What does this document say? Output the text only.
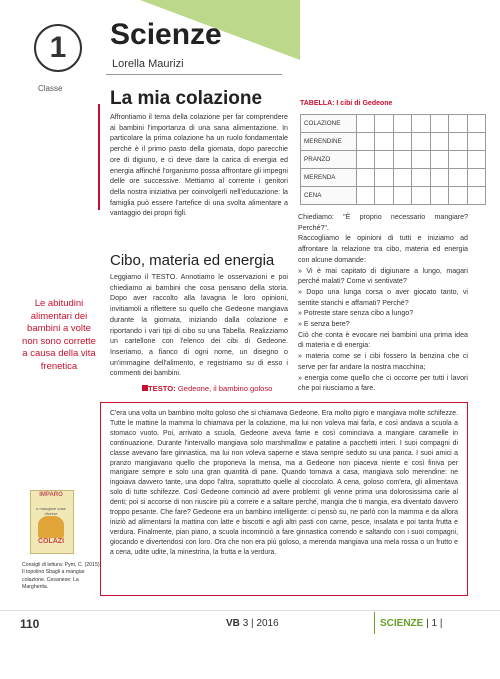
1
Classe
Scienze
Lorella Maurizi
La mia colazione
Affrontiamo il tema della colazione per far comprendere ai bambini l'importanza di una sana alimentazione. In particolare la prima colazione ha un ruolo fondamentale perché è il primo pasto della giornata, dopo parecchie ore di digiuno, e ci deve dare la carica di energia ed energia affinché l'organismo possa affrontare gli impegni delle ore successive. Mettiamo al corrente i genitori della nostra iniziativa per coinvolgerli nell'educazione: la famiglia può essere l'artefice di una svolta alimentare a vantaggio dei propri figli.
TABELLA: I cibi di Gedeone
COLAZIONE							
MERENDINE							
PRANZO							
MERENDA							
CENA							
Chiediamo: "È proprio necessario mangiare? Perché?".
Raccogliamo le opinioni di tutti e iniziamo ad affrontare la relazione tra cibo, materia ed energia con alcune domande:
» Vi è mai capitato di digiunare a lungo, magari perché malati? Come vi sentivate?
» Dopo una lunga corsa o aver giocato tanto, vi sentite stanchi e affamati? Perché?
» Potreste stare senza cibo a lungo?
» E senza bere?
Ciò che conta è evocare nei bambini una prima idea di materia e di energia:
» materia come se i cibi fossero la benzina che ci serve per far andare la nostra macchina;
» energia come quello che ci occorre per tutti i lavori che poi riusciamo a fare.
Cibo, materia ed energia
Leggiamo il TESTO. Annotiamo le osservazioni e poi chiediamo ai bambini che cosa pensano della storia. Dopo aver raccolto alla lavagna le loro opinioni, invitiamoli a riflettere su quello che Gedeone mangiava durante la giornata, iniziando dalla colazione e riportando i vari tipi di cibo su una Tabella. Realizziamo un cartellone con l'elenco dei cibi di Gedeone. Inseriamo, a fianco di ogni nome, un disegno o un'immagine dell'alimento, e registriamo su di esso i commenti dei bambini.
Le abitudini alimentari dei bambini a volte non sono corrette a causa della vita frenetica
TESTO: Gedeone, il bambino goloso
C'era una volta un bambino molto goloso che si chiamava Gedeone. Era molto pigro e mangiava molte schifezze. Tutte le mattine la mamma lo chiamava per la colazione, ma lui non voleva mai farla, e così andava a scuola a stomaco vuoto. Poi, arrivato a scuola, Gedeone aveva fame e così cominciava a mangiare caramelle in continuazione. Durante l'intervallo mangiava solo marshmallow e patatine a pacchetti interi. I suoi compagni di classe avevano fare ginnastica, ma lui non voleva saperne e stava sempre seduto su una panca. I suoi amici a pranzo mangiavano quello che proponeva la mensa, ma a Gedeone non piaceva niente e così finiva per mangiare sempre e solo una gran quantità di pane. Quando tornava a casa, mangiava solo merendine: ne ingoiava davvero tante, una dopo l'altra, soprattutto quelle al cioccolato. A cena, goloso com'era, gli alimentava solo di tutte schifezze. Così Gedeone cominciò ad avere problemi: gli venne prima una dolorosissima carie al denti; poi si accorse di non riuscire più a correre e a saltare perché, mangia che ti mangia, era diventato davvero troppo pesante. Che fare? Gedeone era un bambino intelligente: ci pensò su, ne parlò con la mamma e da allora iniziò ad alimentarsi la mattina con latte e biscotti e agli altri pasti con carne, pesce, insalata e poi tanta frutta e verdura. Finalmente, pian piano, a scuola incominciò a fare ginnastica correndo e saltando con i suoi compagni, giocando e divertendosi con loro. Ora che non era più goloso, a merenda mangiava una mela rossa o un frutto e a cena, udite udite, la minestrina, la frutta e la verdura.
IMPARO
e mangiare cose diverse
COLAZI
Consigli di lettura: Pym, C. (2015). Il topolino Sbagli a mangiar colazione. Cesanese: La Margherita.
110	VB 3 | 2016	SCIENZE | 1 |
